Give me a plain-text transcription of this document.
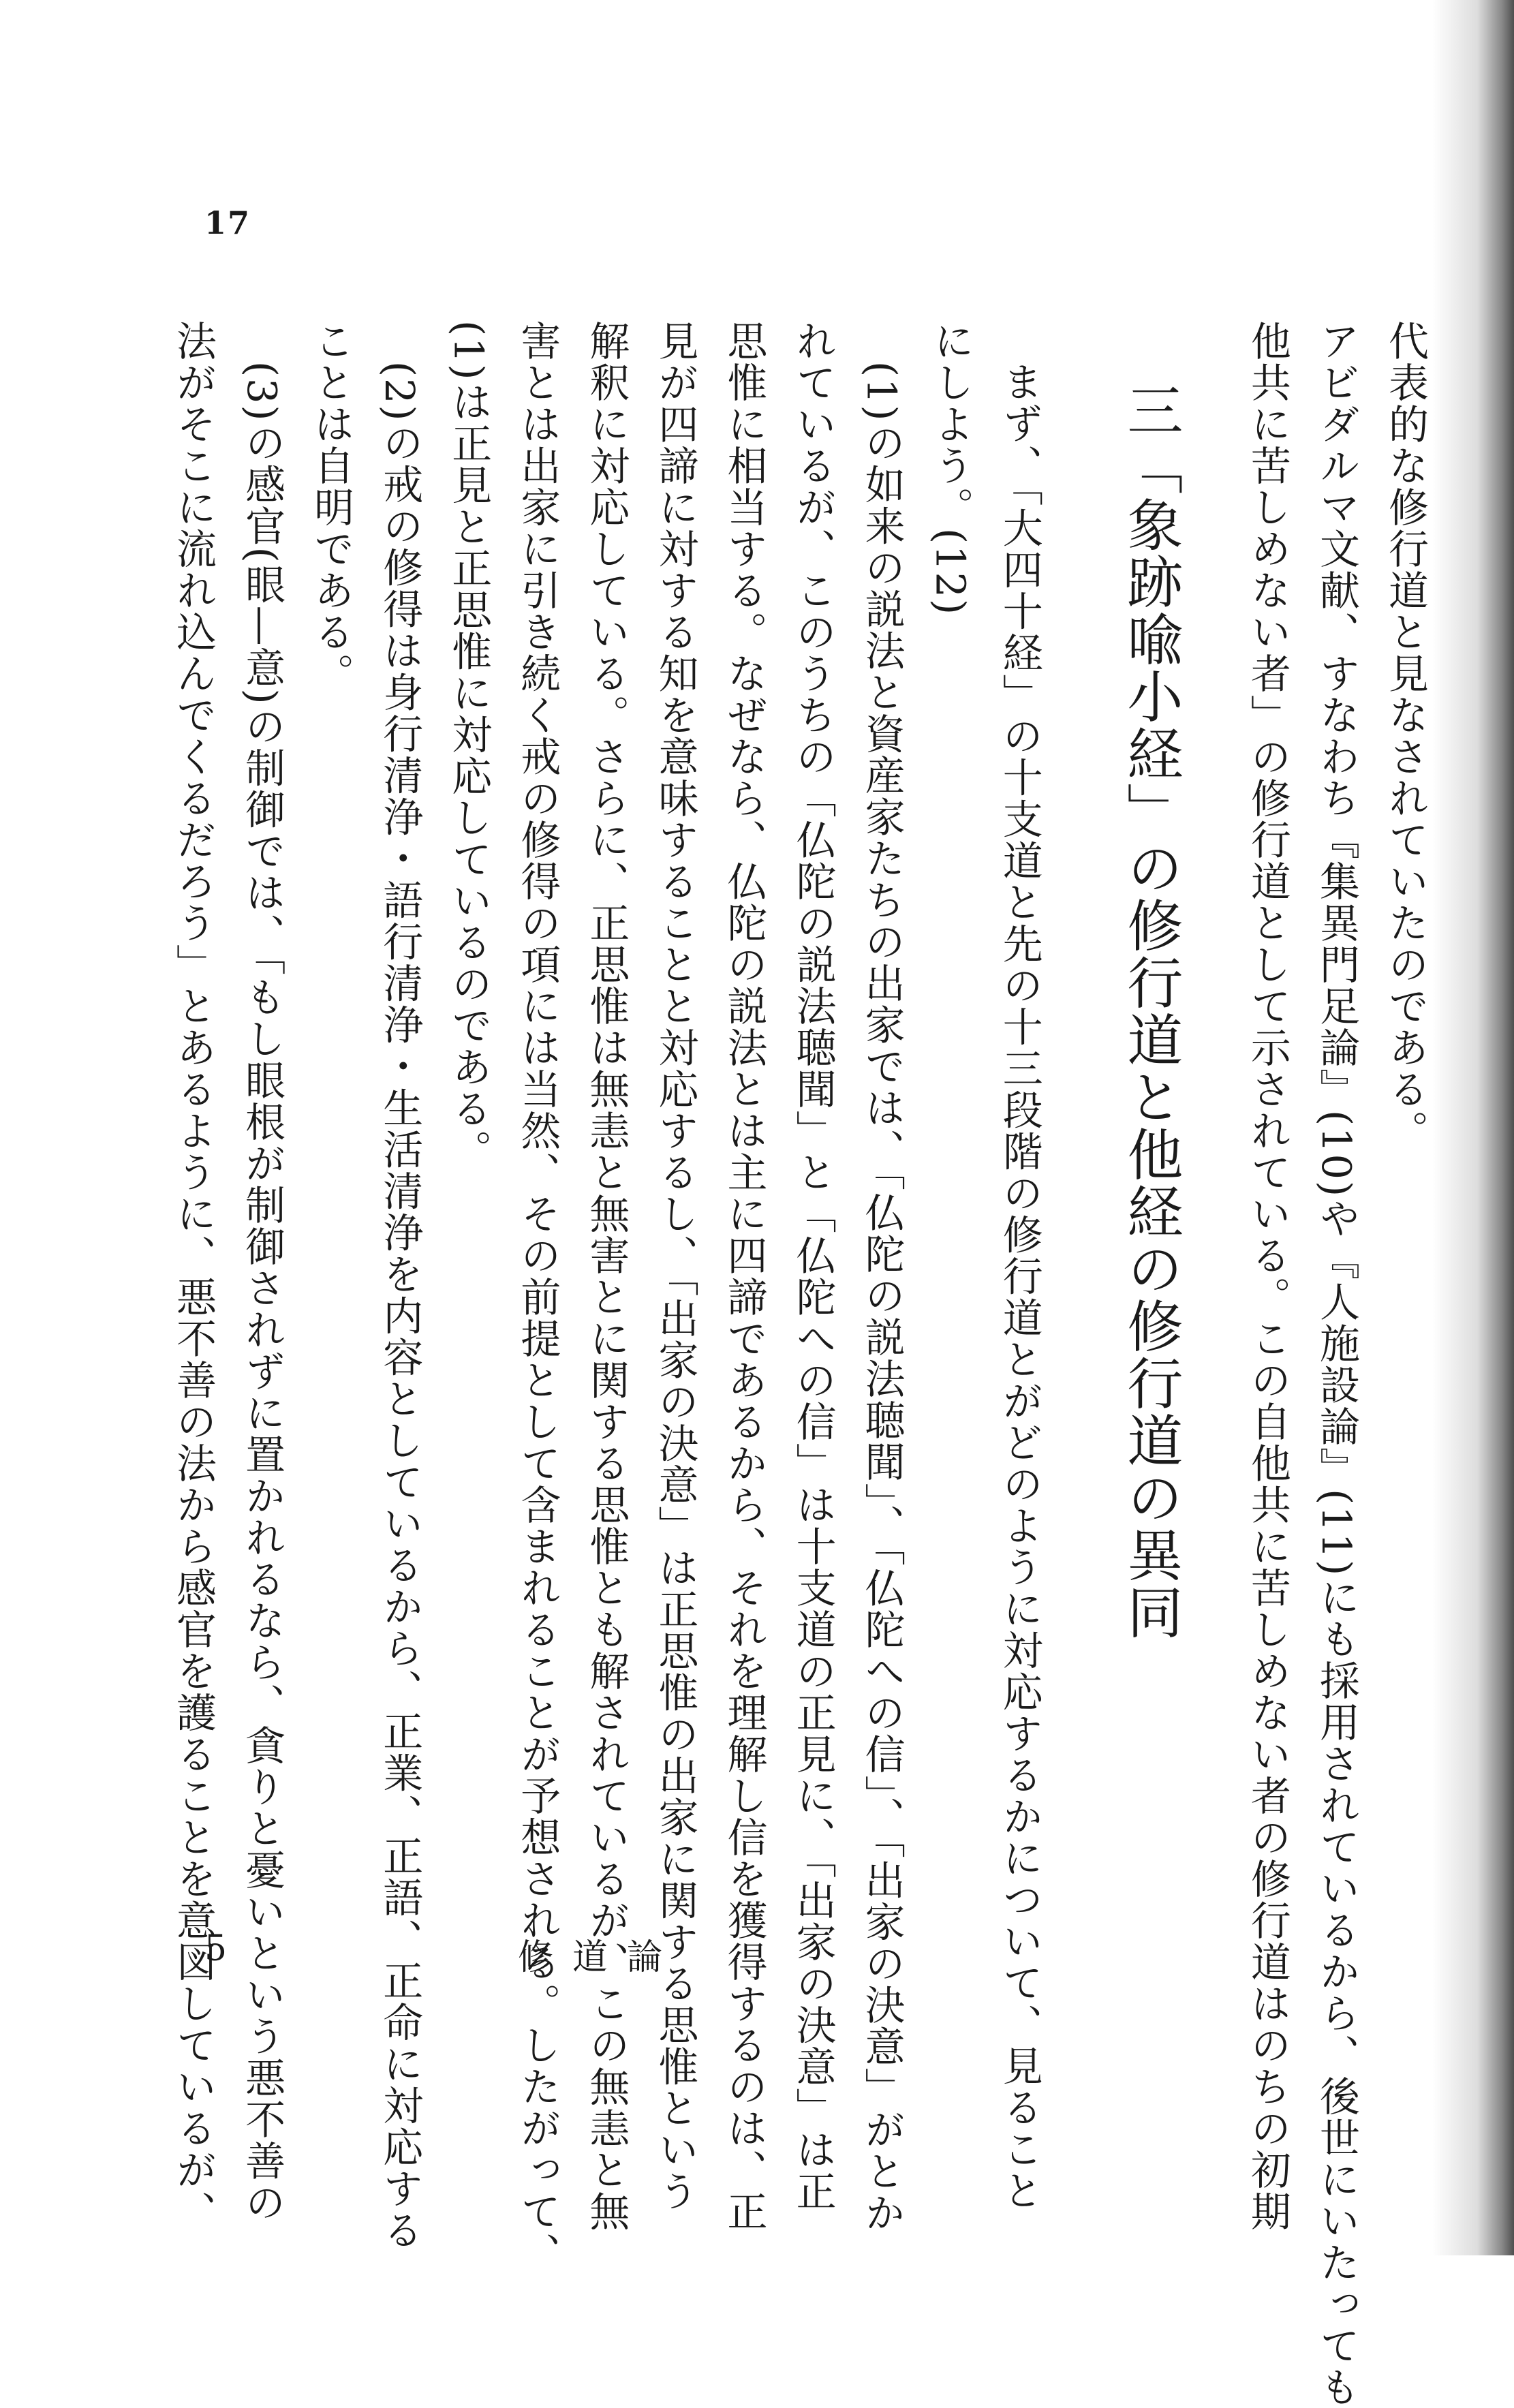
17
代表的な修行道と見なされていたのである。
アビダルマ文献、すなわち『集異門足論』(10)や『人施設論』(11)にも採用されているから、後世にいたっても
他共に苦しめない者」の修行道として示されている。この自他共に苦しめない者の修行道はのちの初期
三「象跡喩小経」の修行道と他経の修行道の異同
まず、「大四十経」の十支道と先の十三段階の修行道とがどのように対応するかについて、見ること
にしよう。(12)
(1)の如来の説法と資産家たちの出家では、「仏陀の説法聴聞」、「仏陀への信」、「出家の決意」がとか
れているが、このうちの「仏陀の説法聴聞」と「仏陀への信」は十支道の正見に、「出家の決意」は正
思惟に相当する。なぜなら、仏陀の説法とは主に四諦であるから、それを理解し信を獲得するのは、正
見が四諦に対する知を意味することと対応するし、「出家の決意」は正思惟の出家に関する思惟という
解釈に対応している。さらに、正思惟は無恚と無害とに関する思惟とも解されているが、この無恚と無
害とは出家に引き続く戒の修得の項には当然、その前提として含まれることが予想される。したがって、
(1)は正見と正思惟に対応しているのである。
(2)の戒の修得は身行清浄・語行清浄・生活清浄を内容としているから、正業、正語、正命に対応する
ことは自明である。
(3)の感官(眼—意)の制御では、「もし眼根が制御されずに置かれるなら、貪りと憂いという悪不善の
法がそこに流れ込んでくるだろう」とあるように、悪不善の法から感官を護ることを意図しているが、
5	修道論
